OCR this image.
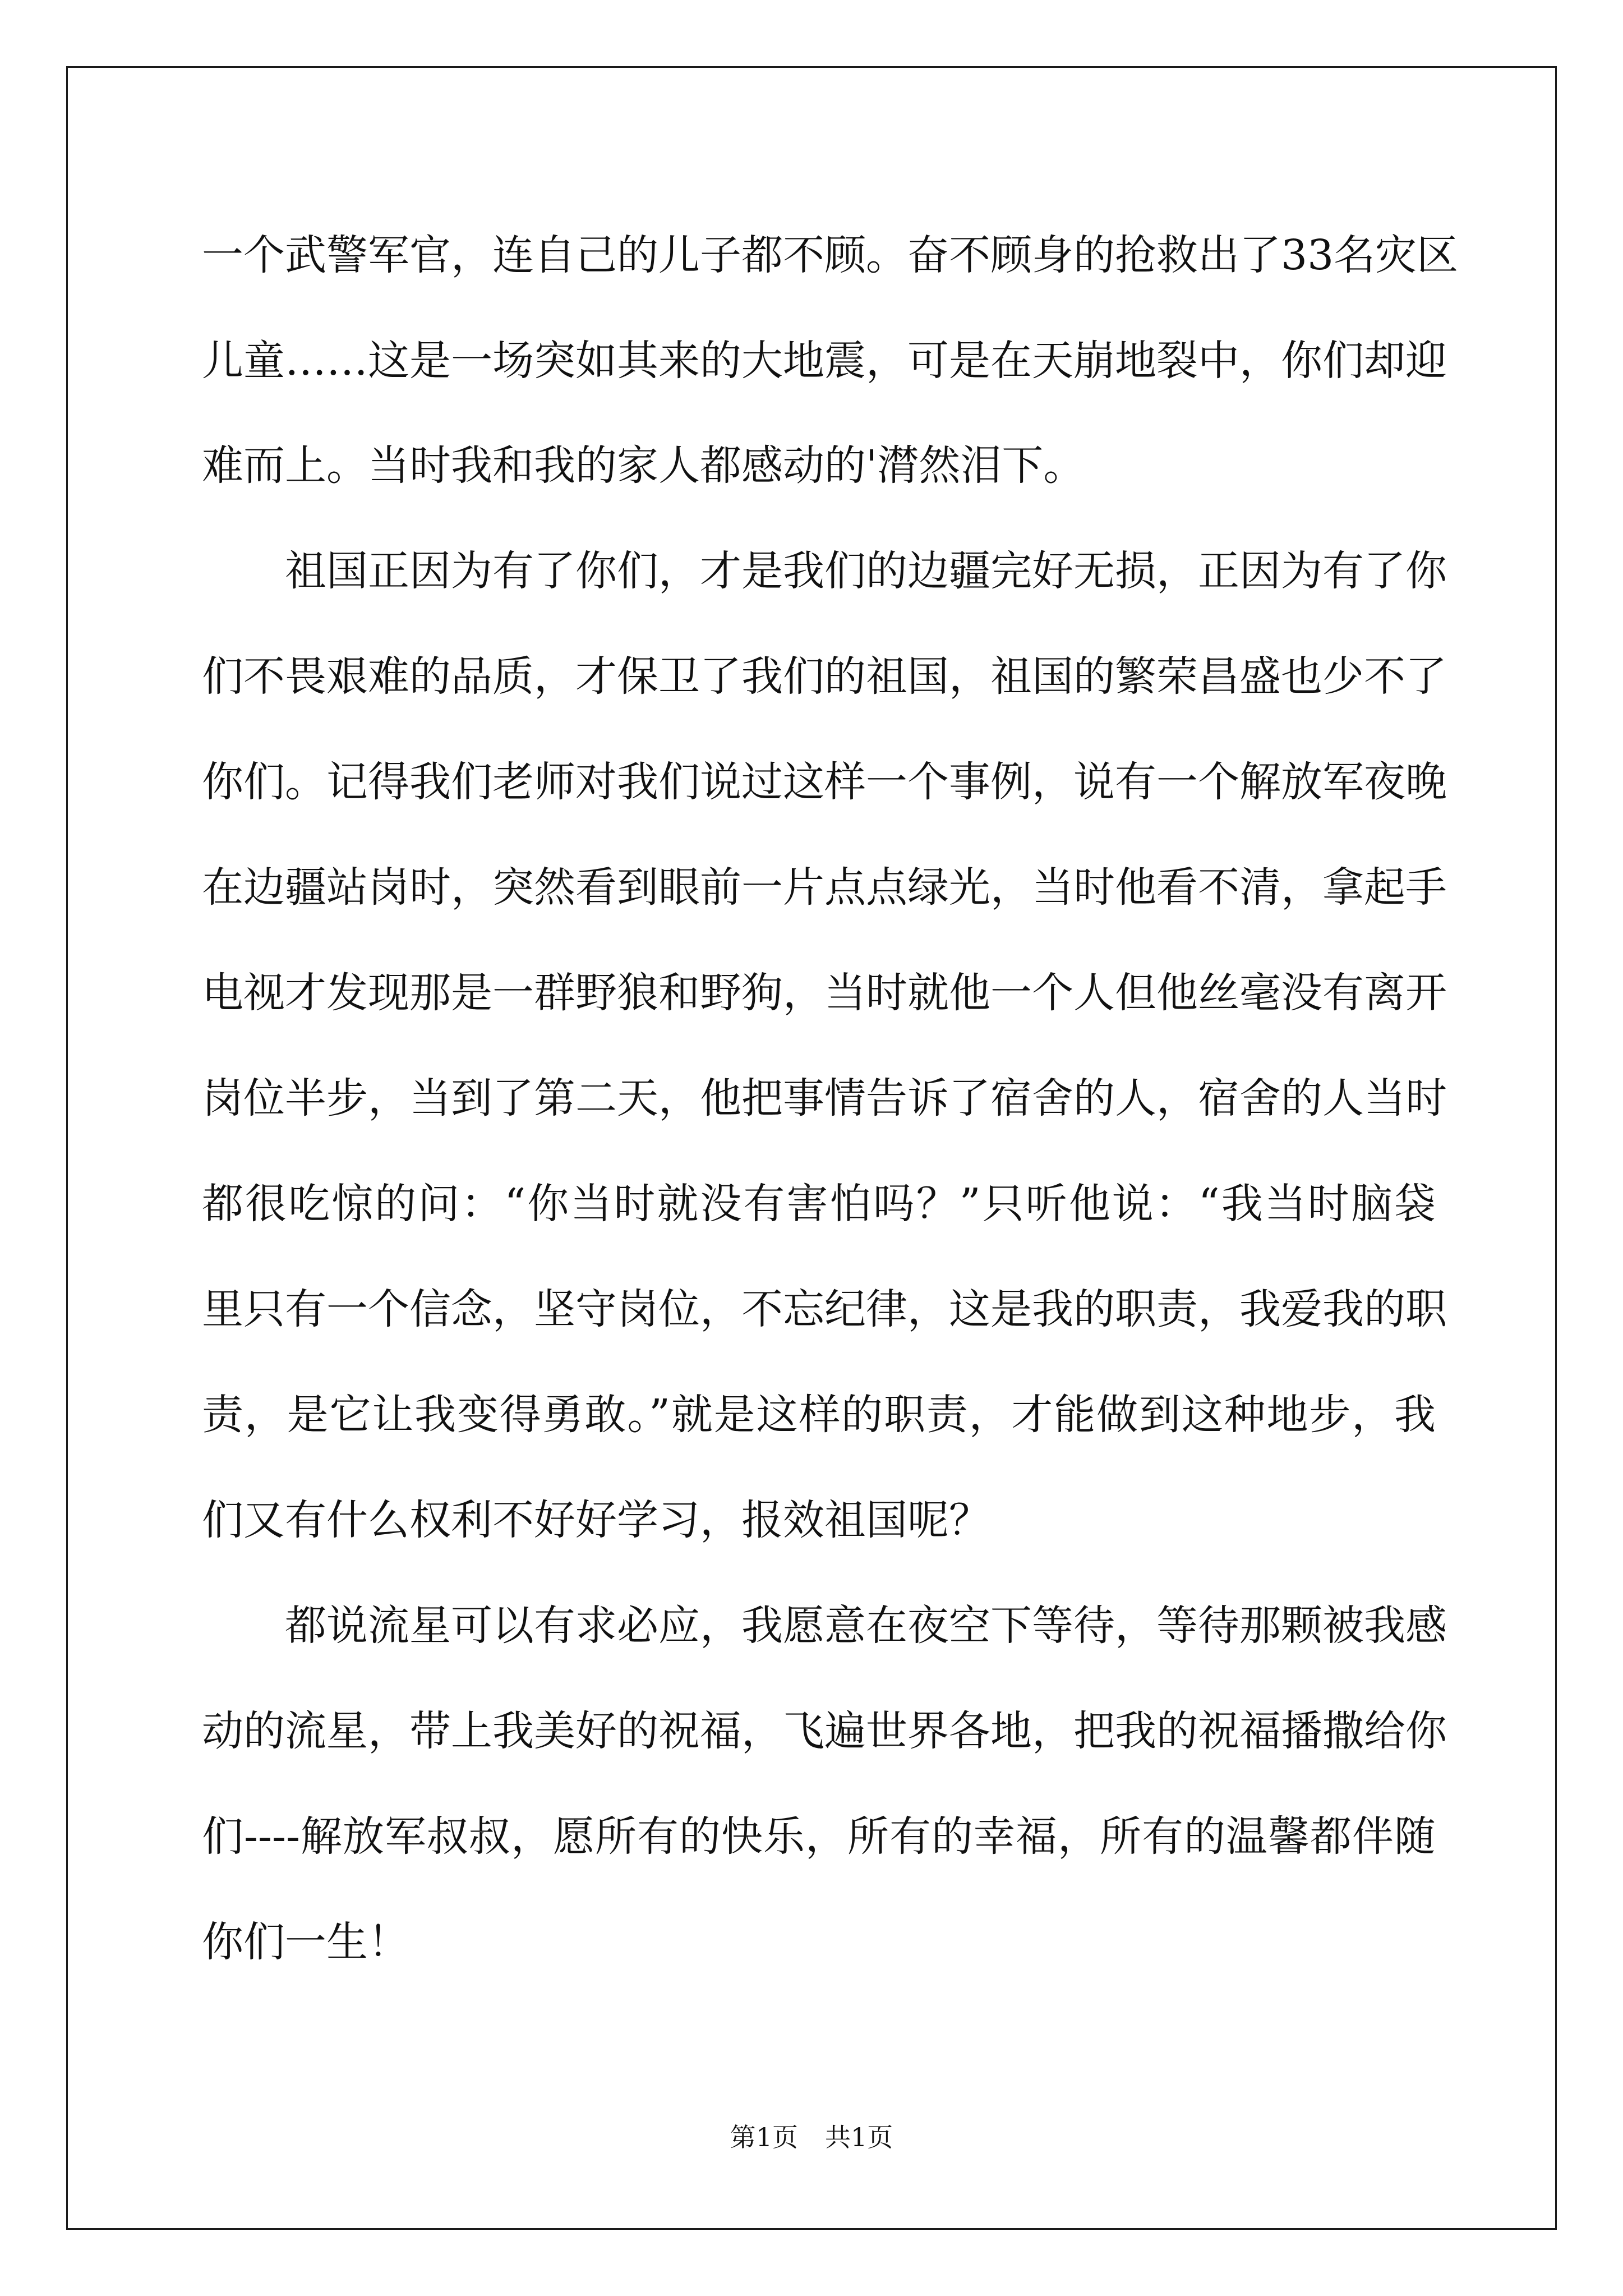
一个武警军官，连自己的儿子都不顾。奋不顾身的抢救出了33名灾区
儿童……这是一场突如其来的大地震，可是在天崩地裂中，你们却迎
难而上。当时我和我的家人都感动的'潸然泪下。
祖国正因为有了你们，才是我们的边疆完好无损，正因为有了你
们不畏艰难的品质，才保卫了我们的祖国，祖国的繁荣昌盛也少不了
你们。记得我们老师对我们说过这样一个事例，说有一个解放军夜晚
在边疆站岗时，突然看到眼前一片点点绿光，当时他看不清，拿起手
电视才发现那是一群野狼和野狗，当时就他一个人但他丝毫没有离开
岗位半步，当到了第二天，他把事情告诉了宿舍的人，宿舍的人当时
都很吃惊的问：“你当时就没有害怕吗？”只听他说：“我当时脑袋
里只有一个信念，坚守岗位，不忘纪律，这是我的职责，我爱我的职
责，是它让我变得勇敢。”就是这样的职责，才能做到这种地步，我
们又有什么权利不好好学习，报效祖国呢？
都说流星可以有求必应，我愿意在夜空下等待，等待那颗被我感
动的流星，带上我美好的祝福，飞遍世界各地，把我的祝福播撒给你
们----解放军叔叔，愿所有的快乐，所有的幸福，所有的温馨都伴随
你们一生！
第1页 共1页
